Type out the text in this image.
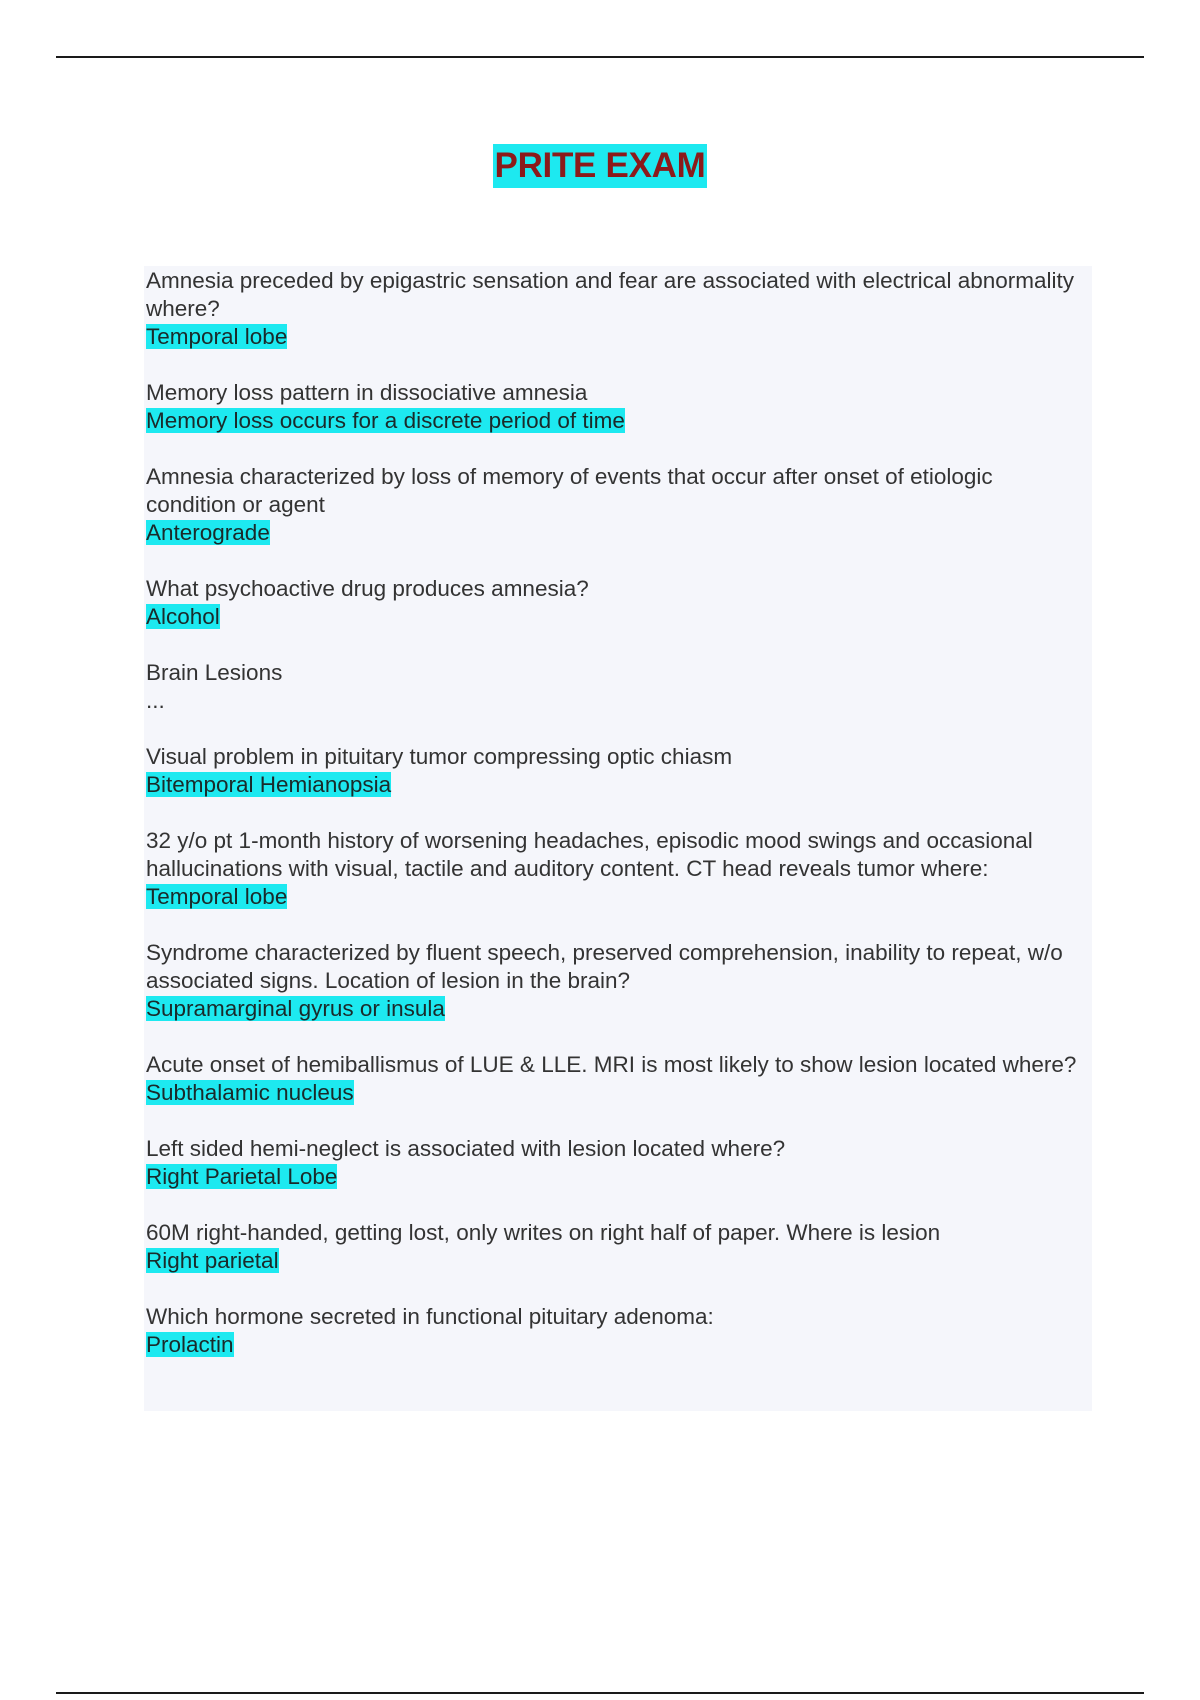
PRITE EXAM
Amnesia preceded by epigastric sensation and fear are associated with electrical abnormality where?
Temporal lobe
Memory loss pattern in dissociative amnesia
Memory loss occurs for a discrete period of time
Amnesia characterized by loss of memory of events that occur after onset of etiologic condition or agent
Anterograde
What psychoactive drug produces amnesia?
Alcohol
Brain Lesions
...
Visual problem in pituitary tumor compressing optic chiasm
Bitemporal Hemianopsia
32 y/o pt 1-month history of worsening headaches, episodic mood swings and occasional hallucinations with visual, tactile and auditory content. CT head reveals tumor where:
Temporal lobe
Syndrome characterized by fluent speech, preserved comprehension, inability to repeat, w/o associated signs. Location of lesion in the brain?
Supramarginal gyrus or insula
Acute onset of hemiballismus of LUE & LLE. MRI is most likely to show lesion located where?
Subthalamic nucleus
Left sided hemi-neglect is associated with lesion located where?
Right Parietal Lobe
60M right-handed, getting lost, only writes on right half of paper. Where is lesion
Right parietal
Which hormone secreted in functional pituitary adenoma:
Prolactin
